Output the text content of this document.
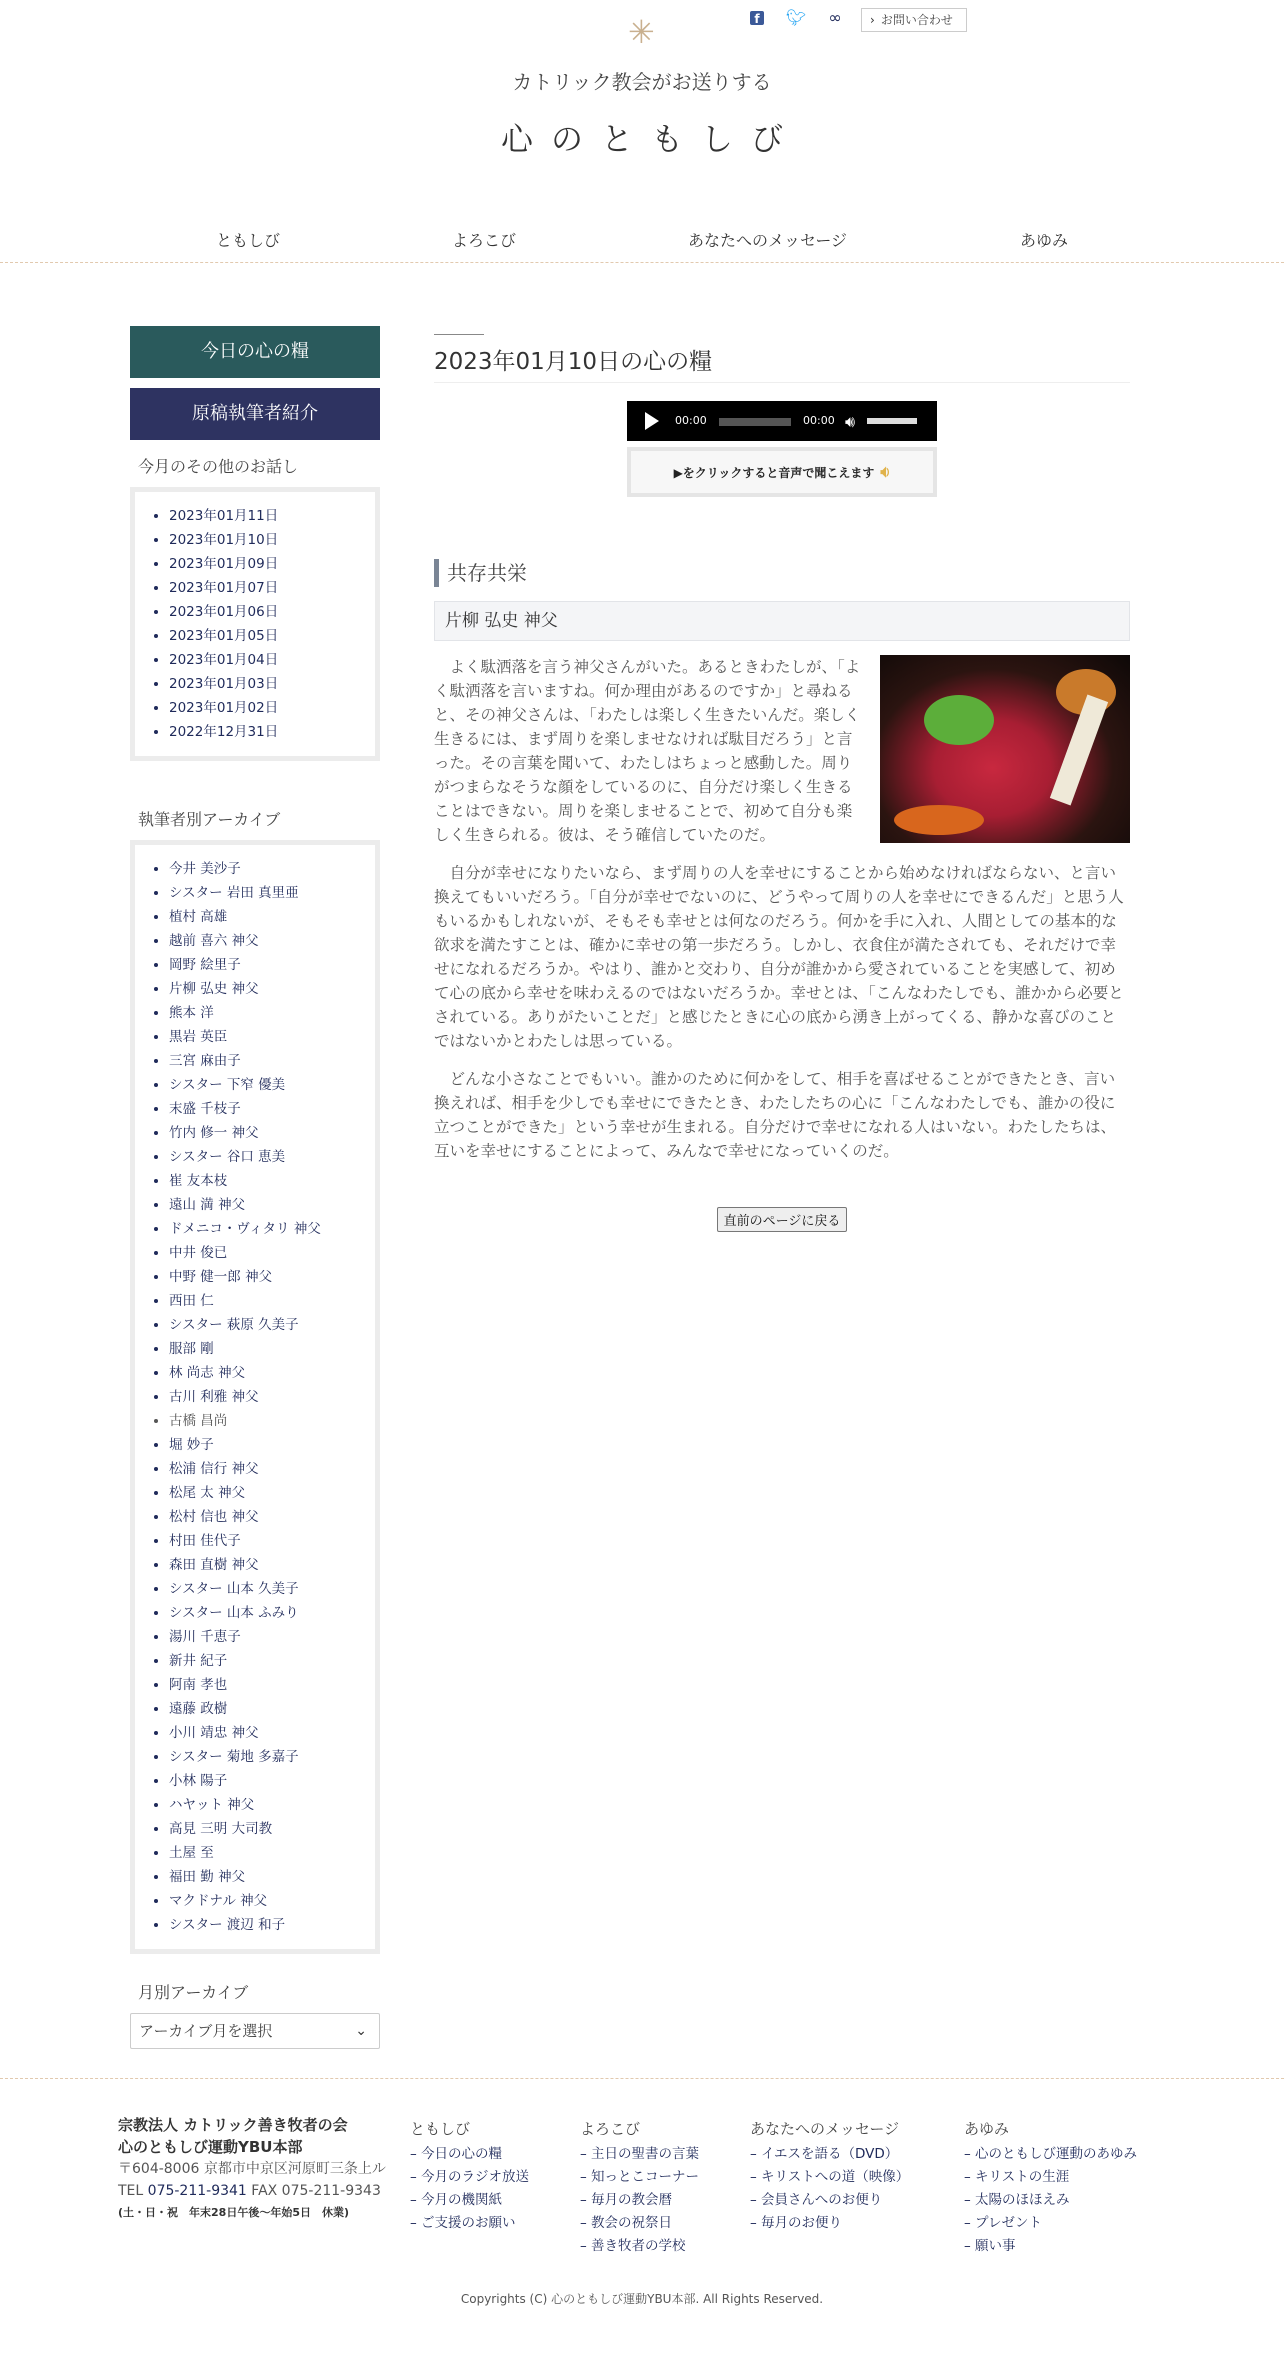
✳	f 🐦︎ ∞	› お問い合わせ
カトリック教会がお送りする
心のともしび
ともしび	よろこび	あなたへのメッセージ	あゆみ
今日の心の糧
原稿執筆者紹介
今月のその他のお話し
• 2023年01月11日
• 2023年01月10日
• 2023年01月09日
• 2023年01月07日
• 2023年01月06日
• 2023年01月05日
• 2023年01月04日
• 2023年01月03日
• 2023年01月02日
• 2022年12月31日
執筆者別アーカイブ
• 今井 美沙子
• シスター 岩田 真里亜
• 植村 高雄
• 越前 喜六 神父
• 岡野 絵里子
• 片柳 弘史 神父
• 熊本 洋
• 黒岩 英臣
• 三宮 麻由子
• シスター 下窄 優美
• 末盛 千枝子
• 竹内 修一 神父
• シスター 谷口 恵美
• 崔 友本枝
• 遠山 満 神父
• ドメニコ・ヴィタリ 神父
• 中井 俊已
• 中野 健一郎 神父
• 西田 仁
• シスター 萩原 久美子
• 服部 剛
• 林 尚志 神父
• 古川 利雅 神父
• 古橋 昌尚
• 堀 妙子
• 松浦 信行 神父
• 松尾 太 神父
• 松村 信也 神父
• 村田 佳代子
• 森田 直樹 神父
• シスター 山本 久美子
• シスター 山本 ふみり
• 湯川 千恵子
• 新井 紀子
• 阿南 孝也
• 遠藤 政樹
• 小川 靖忠 神父
• シスター 菊地 多嘉子
• 小林 陽子
• ハヤット 神父
• 高見 三明 大司教
• 土屋 至
• 福田 勤 神父
• マクドナル 神父
• シスター 渡辺 和子
月別アーカイブ
アーカイブ月を選択	⌄
2023年01月10日の心の糧
00:00	00:00 🔊︎
▶をクリックすると音声で聞こえます 🔉︎
共存共栄
片柳 弘史 神父

よく駄洒落を言う神父さんがいた。あるときわたしが、「よく駄洒落を言いますね。何か理由があるのですか」と尋ねると、その神父さんは、「わたしは楽しく生きたいんだ。楽しく生きるには、まず周りを楽しませなければ駄目だろう」と言った。その言葉を聞いて、わたしはちょっと感動した。周りがつまらなそうな顔をしているのに、自分だけ楽しく生きることはできない。周りを楽しませることで、初めて自分も楽しく生きられる。彼は、そう確信していたのだ。

自分が幸せになりたいなら、まず周りの人を幸せにすることから始めなければならない、と言い換えてもいいだろう。「自分が幸せでないのに、どうやって周りの人を幸せにできるんだ」と思う人もいるかもしれないが、そもそも幸せとは何なのだろう。何かを手に入れ、人間としての基本的な欲求を満たすことは、確かに幸せの第一歩だろう。しかし、衣食住が満たされても、それだけで幸せになれるだろうか。やはり、誰かと交わり、自分が誰かから愛されていることを実感して、初めて心の底から幸せを味わえるのではないだろうか。幸せとは、「こんなわたしでも、誰かから必要とされている。ありがたいことだ」と感じたときに心の底から湧き上がってくる、静かな喜びのことではないかとわたしは思っている。

どんな小さなことでもいい。誰かのために何かをして、相手を喜ばせることができたとき、言い換えれば、相手を少しでも幸せにできたとき、わたしたちの心に「こんなわたしでも、誰かの役に立つことができた」という幸せが生まれる。自分だけで幸せになれる人はいない。わたしたちは、互いを幸せにすることによって、みんなで幸せになっていくのだ。

直前のページに戻る
宗教法人 カトリック善き牧者の会
心のともしび運動YBU本部
〒604-8006 京都市中京区河原町三条上ル
TEL 075-211-9341 FAX 075-211-9343
(土・日・祝　年末28日午後〜年始5日　休業)
ともしび
– 今日の心の糧
– 今月のラジオ放送
– 今月の機関紙
– ご支援のお願い
よろこび
– 主日の聖書の言葉
– 知っとこコーナー
– 毎月の教会暦
– 教会の祝祭日
– 善き牧者の学校
あなたへのメッセージ
– イエスを語る（DVD）
– キリストへの道（映像）
– 会員さんへのお便り
– 毎月のお便り
あゆみ
– 心のともしび運動のあゆみ
– キリストの生涯
– 太陽のほほえみ
– プレゼント
– 願い事
Copyrights (C) 心のともしび運動YBU本部. All Rights Reserved.
